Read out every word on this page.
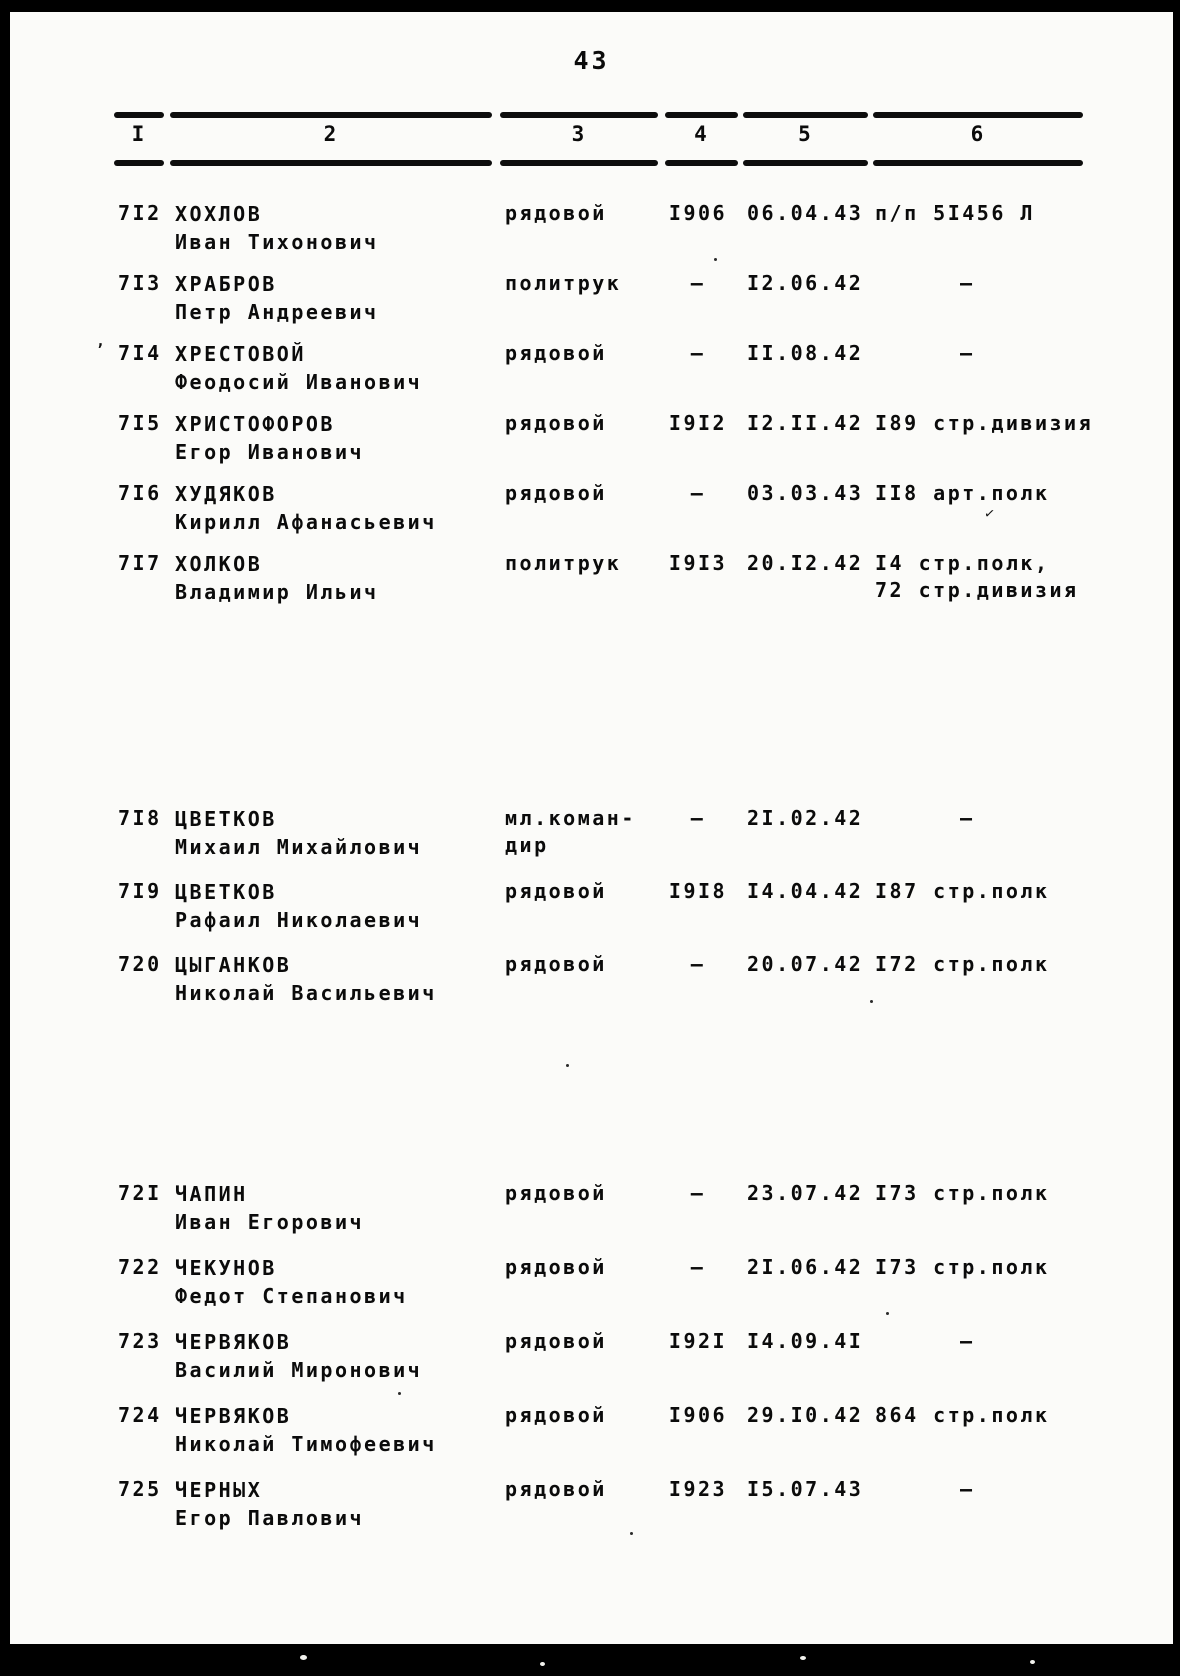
43
I	2	3	4	5	6
7I2 ХОХЛОВ
Иван Тихонович
рядовой	I906 06.04.43 п/п 5I456 Л
7I3 ХРАБРОВ
Петр Андреевич
политрук	—	I2.06.42	—
7I4 ХРЕСТОВОЙ
Феодосий Иванович
рядовой	—	II.08.42	—
7I5 ХРИСТОФОРОВ
Егор Иванович
рядовой	I9I2 I2.II.42 I89 стр.дивизия
7I6 ХУДЯКОВ
Кирилл Афанасьевич
рядовой	—	03.03.43 II8 арт.полк
7I7 ХОЛКОВ
Владимир Ильич
политрук	I9I3 20.I2.42 I4 стр.полк,
72 стр.дивизия
7I8 ЦВЕТКОВ
Михаил Михайлович
мл.коман-
дир
—	2I.02.42	—
7I9 ЦВЕТКОВ
Рафаил Николаевич
рядовой	I9I8 I4.04.42 I87 стр.полк
720 ЦЫГАНКОВ
Николай Васильевич
рядовой	—	20.07.42 I72 стр.полк
72I ЧАПИН
Иван Егорович
рядовой	—	23.07.42 I73 стр.полк
722 ЧЕКУНОВ
Федот Степанович
рядовой	—	2I.06.42 I73 стр.полк
723 ЧЕРВЯКОВ
Василий Миронович
рядовой	I92I I4.09.4I	—
724 ЧЕРВЯКОВ
Николай Тимофеевич
рядовой	I906 29.I0.42 864 стр.полк
725 ЧЕРНЫХ
Егор Павлович
рядовой	I923 I5.07.43	—
✓
,
